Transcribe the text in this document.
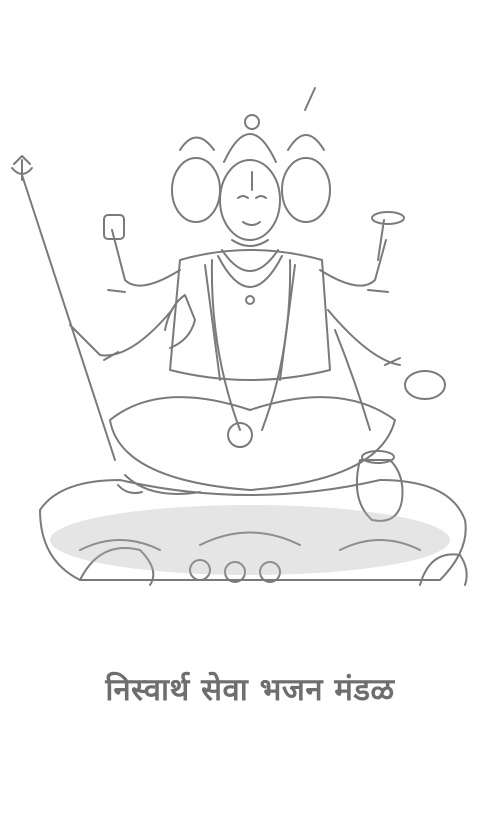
निस्वार्थ सेवा भजन मंडळ
